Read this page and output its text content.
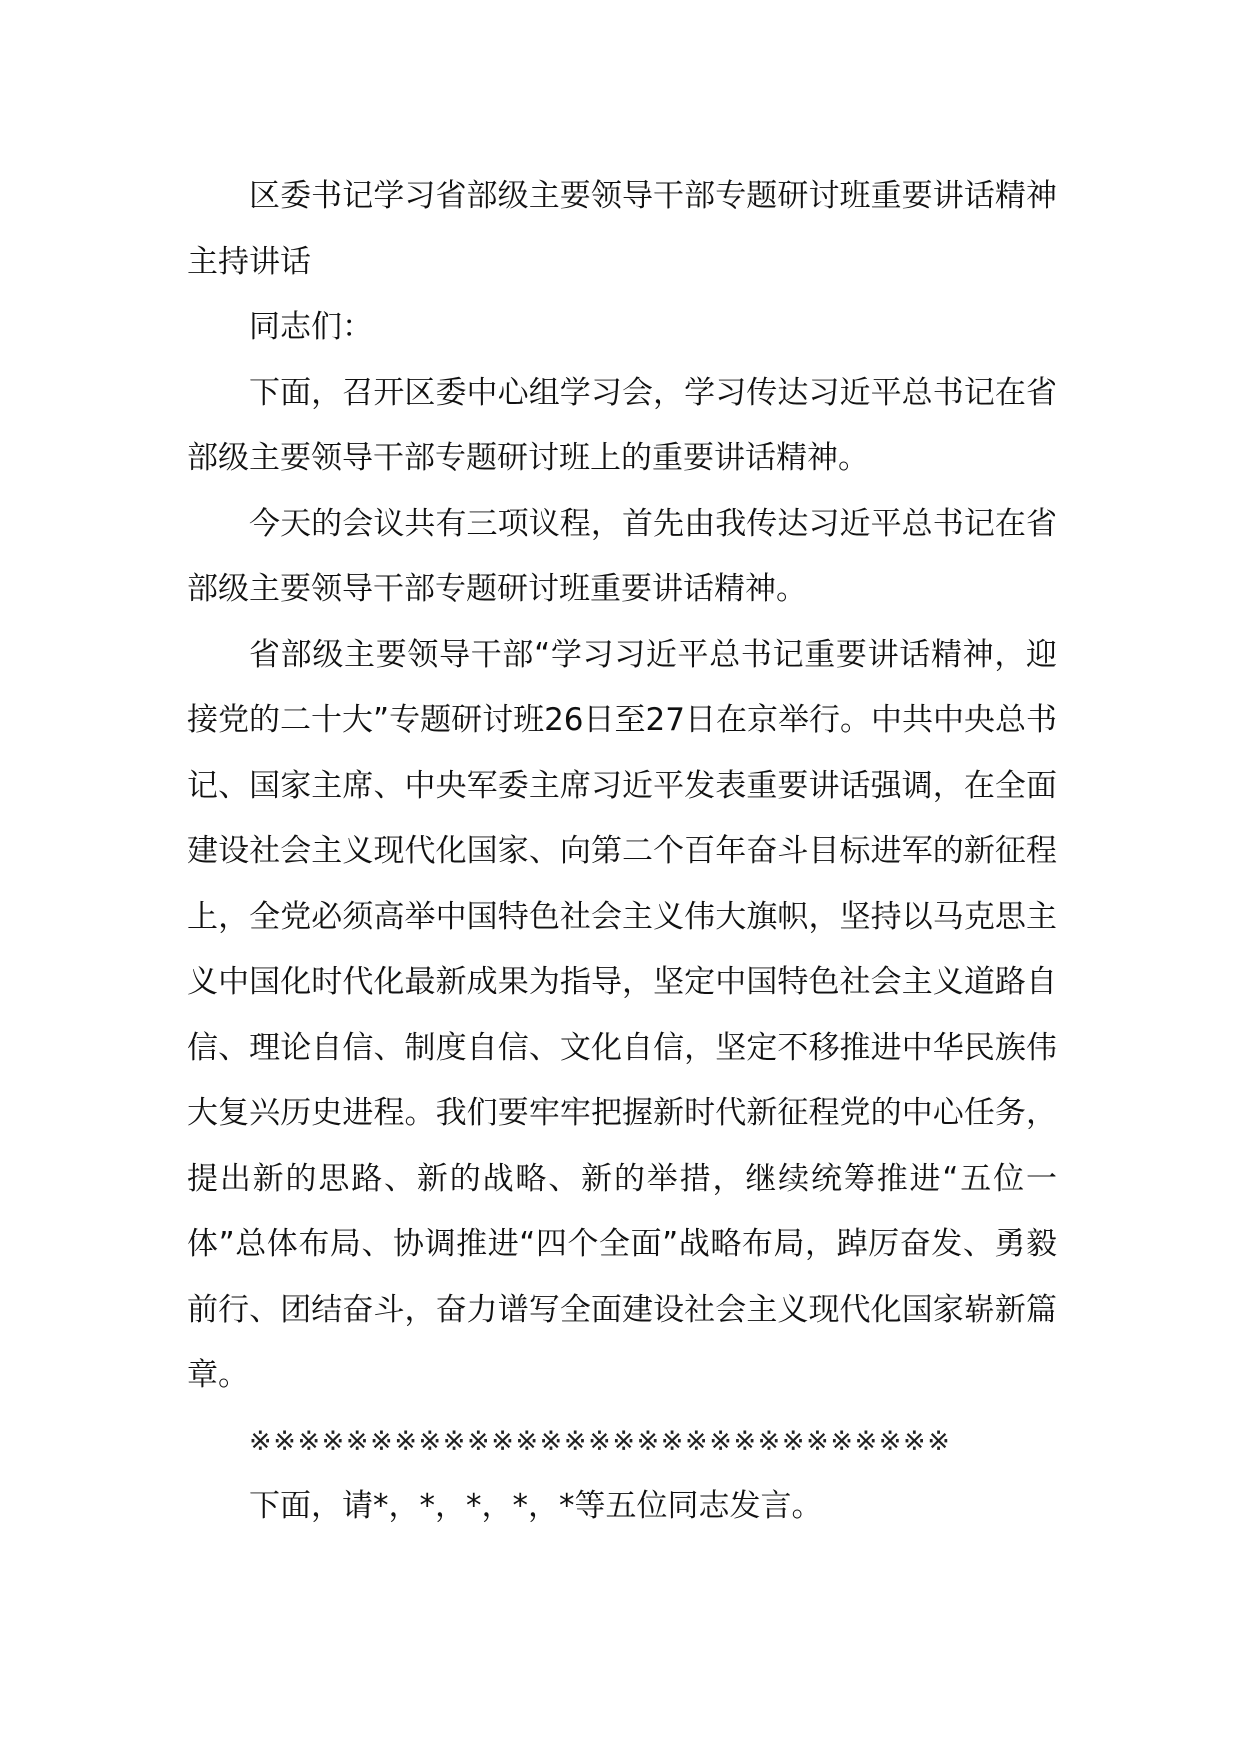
区委书记学习省部级主要领导干部专题研讨班重要讲话精神主持讲话

同志们：

下面，召开区委中心组学习会，学习传达习近平总书记在省部级主要领导干部专题研讨班上的重要讲话精神。

今天的会议共有三项议程，首先由我传达习近平总书记在省部级主要领导干部专题研讨班重要讲话精神。

省部级主要领导干部“学习习近平总书记重要讲话精神，迎接党的二十大”专题研讨班26日至27日在京举行。中共中央总书记、国家主席、中央军委主席习近平发表重要讲话强调，在全面建设社会主义现代化国家、向第二个百年奋斗目标进军的新征程上，全党必须高举中国特色社会主义伟大旗帜，坚持以马克思主义中国化时代化最新成果为指导，坚定中国特色社会主义道路自信、理论自信、制度自信、文化自信，坚定不移推进中华民族伟大复兴历史进程。我们要牢牢把握新时代新征程党的中心任务，提出新的思路、新的战略、新的举措，继续统筹推进“五位一体”总体布局、协调推进“四个全面”战略布局，踔厉奋发、勇毅前行、团结奋斗，奋力谱写全面建设社会主义现代化国家崭新篇章。

※※※※※※※※※※※※※※※※※※※※※※※※※※※※※

下面，请*，*，*，*，*等五位同志发言。
